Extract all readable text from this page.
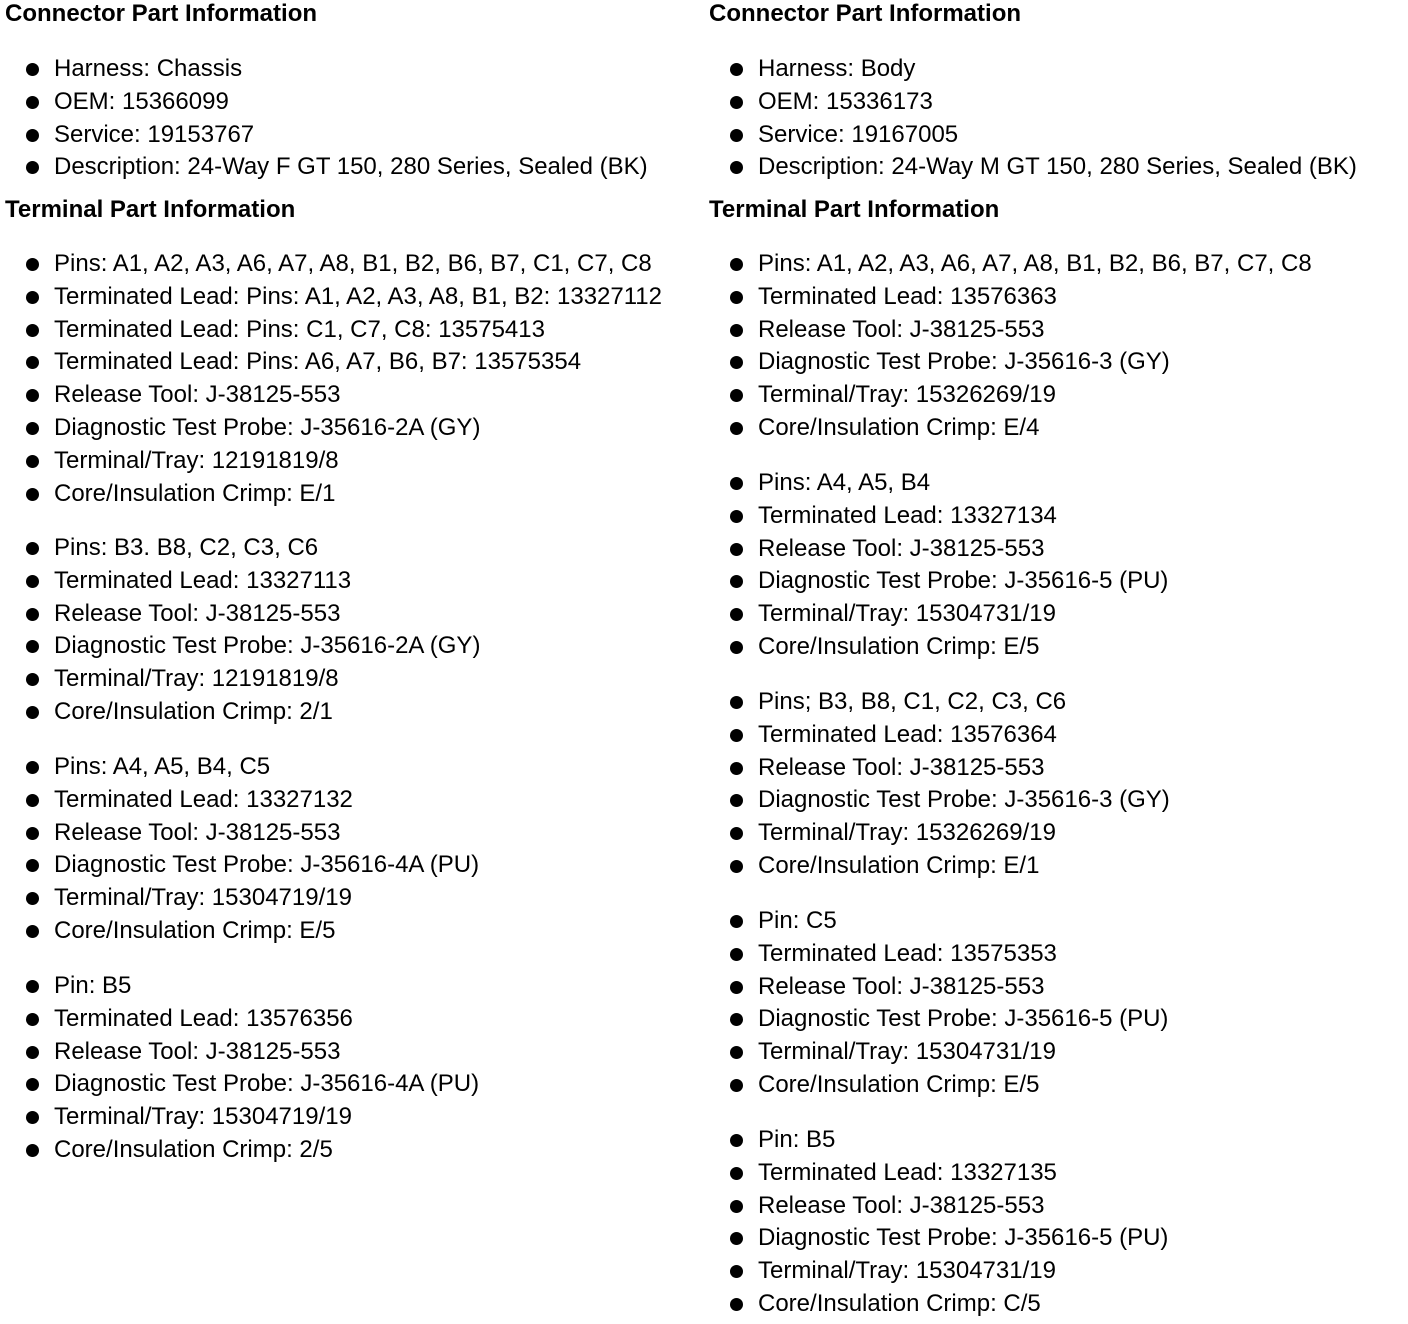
Connector Part Information
Harness: Chassis
OEM: 15366099
Service: 19153767
Description: 24-Way F GT 150, 280 Series, Sealed (BK)
Terminal Part Information
Pins: A1, A2, A3, A6, A7, A8, B1, B2, B6, B7, C1, C7, C8
Terminated Lead: Pins: A1, A2, A3, A8, B1, B2: 13327112
Terminated Lead: Pins: C1, C7, C8: 13575413
Terminated Lead: Pins: A6, A7, B6, B7: 13575354
Release Tool: J-38125-553
Diagnostic Test Probe: J-35616-2A (GY)
Terminal/Tray: 12191819/8
Core/Insulation Crimp: E/1
Pins: B3. B8, C2, C3, C6
Terminated Lead: 13327113
Release Tool: J-38125-553
Diagnostic Test Probe: J-35616-2A (GY)
Terminal/Tray: 12191819/8
Core/Insulation Crimp: 2/1
Pins: A4, A5, B4, C5
Terminated Lead: 13327132
Release Tool: J-38125-553
Diagnostic Test Probe: J-35616-4A (PU)
Terminal/Tray: 15304719/19
Core/Insulation Crimp: E/5
Pin: B5
Terminated Lead: 13576356
Release Tool: J-38125-553
Diagnostic Test Probe: J-35616-4A (PU)
Terminal/Tray: 15304719/19
Core/Insulation Crimp: 2/5
Connector Part Information
Harness: Body
OEM: 15336173
Service: 19167005
Description: 24-Way M GT 150, 280 Series, Sealed (BK)
Terminal Part Information
Pins: A1, A2, A3, A6, A7, A8, B1, B2, B6, B7, C7, C8
Terminated Lead: 13576363
Release Tool: J-38125-553
Diagnostic Test Probe: J-35616-3 (GY)
Terminal/Tray: 15326269/19
Core/Insulation Crimp: E/4
Pins: A4, A5, B4
Terminated Lead: 13327134
Release Tool: J-38125-553
Diagnostic Test Probe: J-35616-5 (PU)
Terminal/Tray: 15304731/19
Core/Insulation Crimp: E/5
Pins; B3, B8, C1, C2, C3, C6
Terminated Lead: 13576364
Release Tool: J-38125-553
Diagnostic Test Probe: J-35616-3 (GY)
Terminal/Tray: 15326269/19
Core/Insulation Crimp: E/1
Pin: C5
Terminated Lead: 13575353
Release Tool: J-38125-553
Diagnostic Test Probe: J-35616-5 (PU)
Terminal/Tray: 15304731/19
Core/Insulation Crimp: E/5
Pin: B5
Terminated Lead: 13327135
Release Tool: J-38125-553
Diagnostic Test Probe: J-35616-5 (PU)
Terminal/Tray: 15304731/19
Core/Insulation Crimp: C/5
